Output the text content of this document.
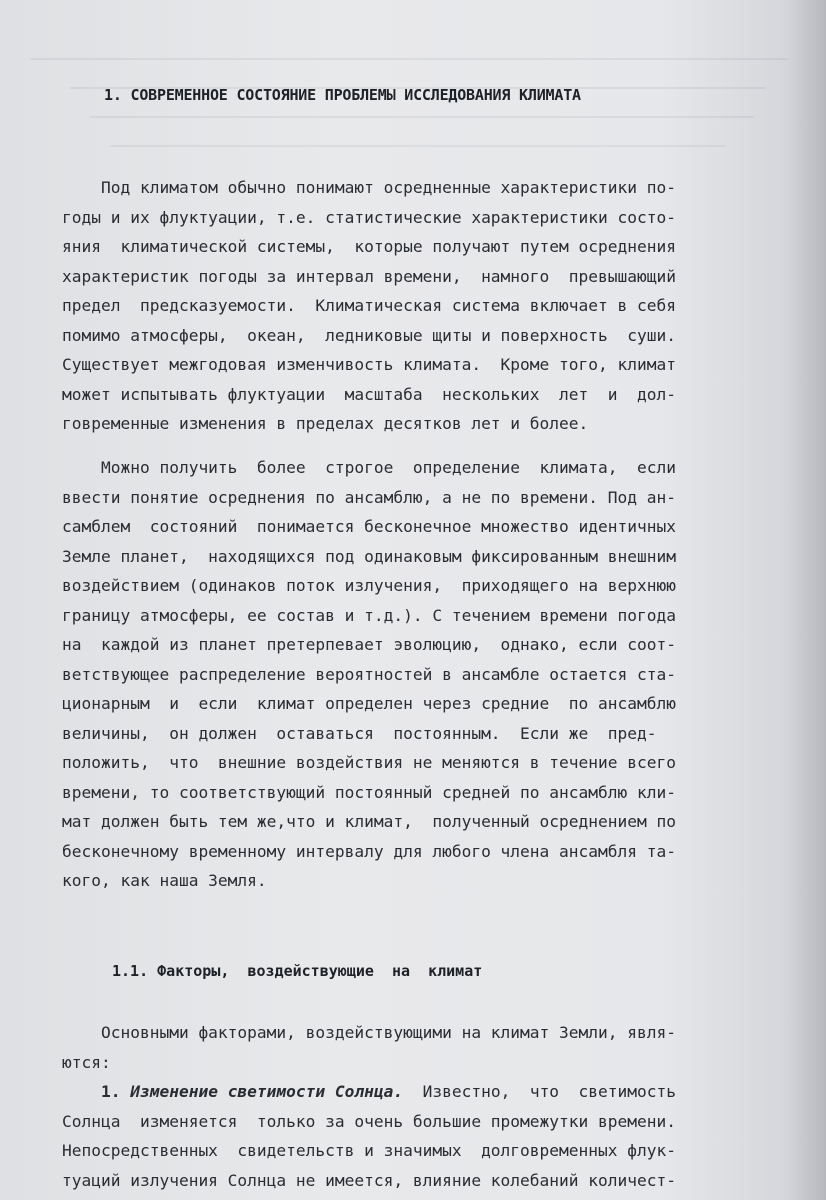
1. СОВРЕМЕННОЕ СОСТОЯНИЕ ПРОБЛЕМЫ ИССЛЕДОВАНИЯ КЛИМАТА
Под климатом обычно понимают осредненные характеристики по-
годы и их флуктуации, т.е. статистические характеристики состо-
яния  климатической системы,  которые получают путем осреднения
характеристик погоды за интервал времени,  намного  превышающий
предел  предсказуемости.  Климатическая система включает в себя
помимо атмосферы,  океан,  ледниковые щиты и поверхность  суши.
Существует межгодовая изменчивость климата.  Кроме того, климат
может испытывать флуктуации  масштаба  нескольких  лет  и  дол-
говременные изменения в пределах десятков лет и более.
Можно получить  более  строгое  определение  климата,  если
ввести понятие осреднения по ансамблю, а не по времени. Под ан-
самблем  состояний  понимается бесконечное множество идентичных
Земле планет,  находящихся под одинаковым фиксированным внешним
воздействием (одинаков поток излучения,  приходящего на верхнюю
границу атмосферы, ее состав и т.д.). С течением времени погода
на  каждой из планет претерпевает эволюцию,  однако, если соот-
ветствующее распределение вероятностей в ансамбле остается ста-
ционарным  и  если  климат определен через средние  по ансамблю
величины,  он должен  оставаться  постоянным.  Если же  пред-
положить,  что  внешние воздействия не меняются в течение всего
времени, то соответствующий постоянный средней по ансамблю кли-
мат должен быть тем же,что и климат,  полученный осреднением по
бесконечному временному интервалу для любого члена ансамбля та-
кого, как наша Земля.
1.1. Факторы,  воздействующие  на  климат
Основными факторами, воздействующими на климат Земли, явля-
ются:
1. Изменение светимости Солнца.  Известно,  что  светимость
Солнца  изменяется  только за очень большие промежутки времени.
Непосредственных  свидетельств и значимых  долговременных флук-
туаций излучения Солнца не имеется, влияние колебаний количест-
